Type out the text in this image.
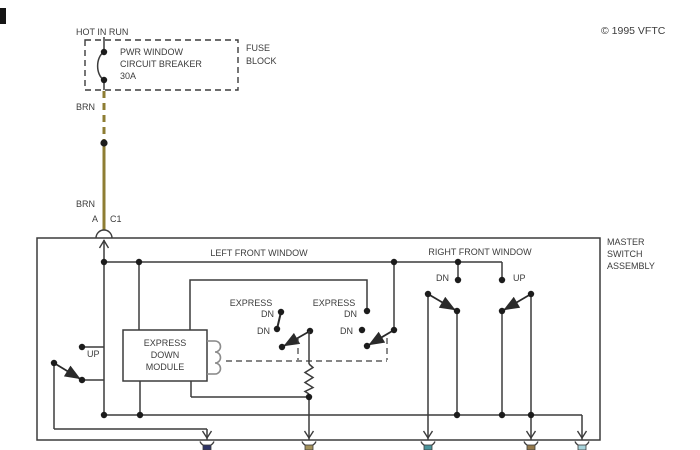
© 1995 VFTC
HOT IN RUN
FUSE
BLOCK
PWR WINDOW
CIRCUIT BREAKER
30A
BRN
BRN
A C1
MASTER
SWITCH
ASSEMBLY
LEFT FRONT WINDOW	RIGHT FRONT WINDOW
UP
EXPRESS
DN
DN
EXPRESS
DN
DN
EXPRESS
DOWN
MODULE
DN	UP
